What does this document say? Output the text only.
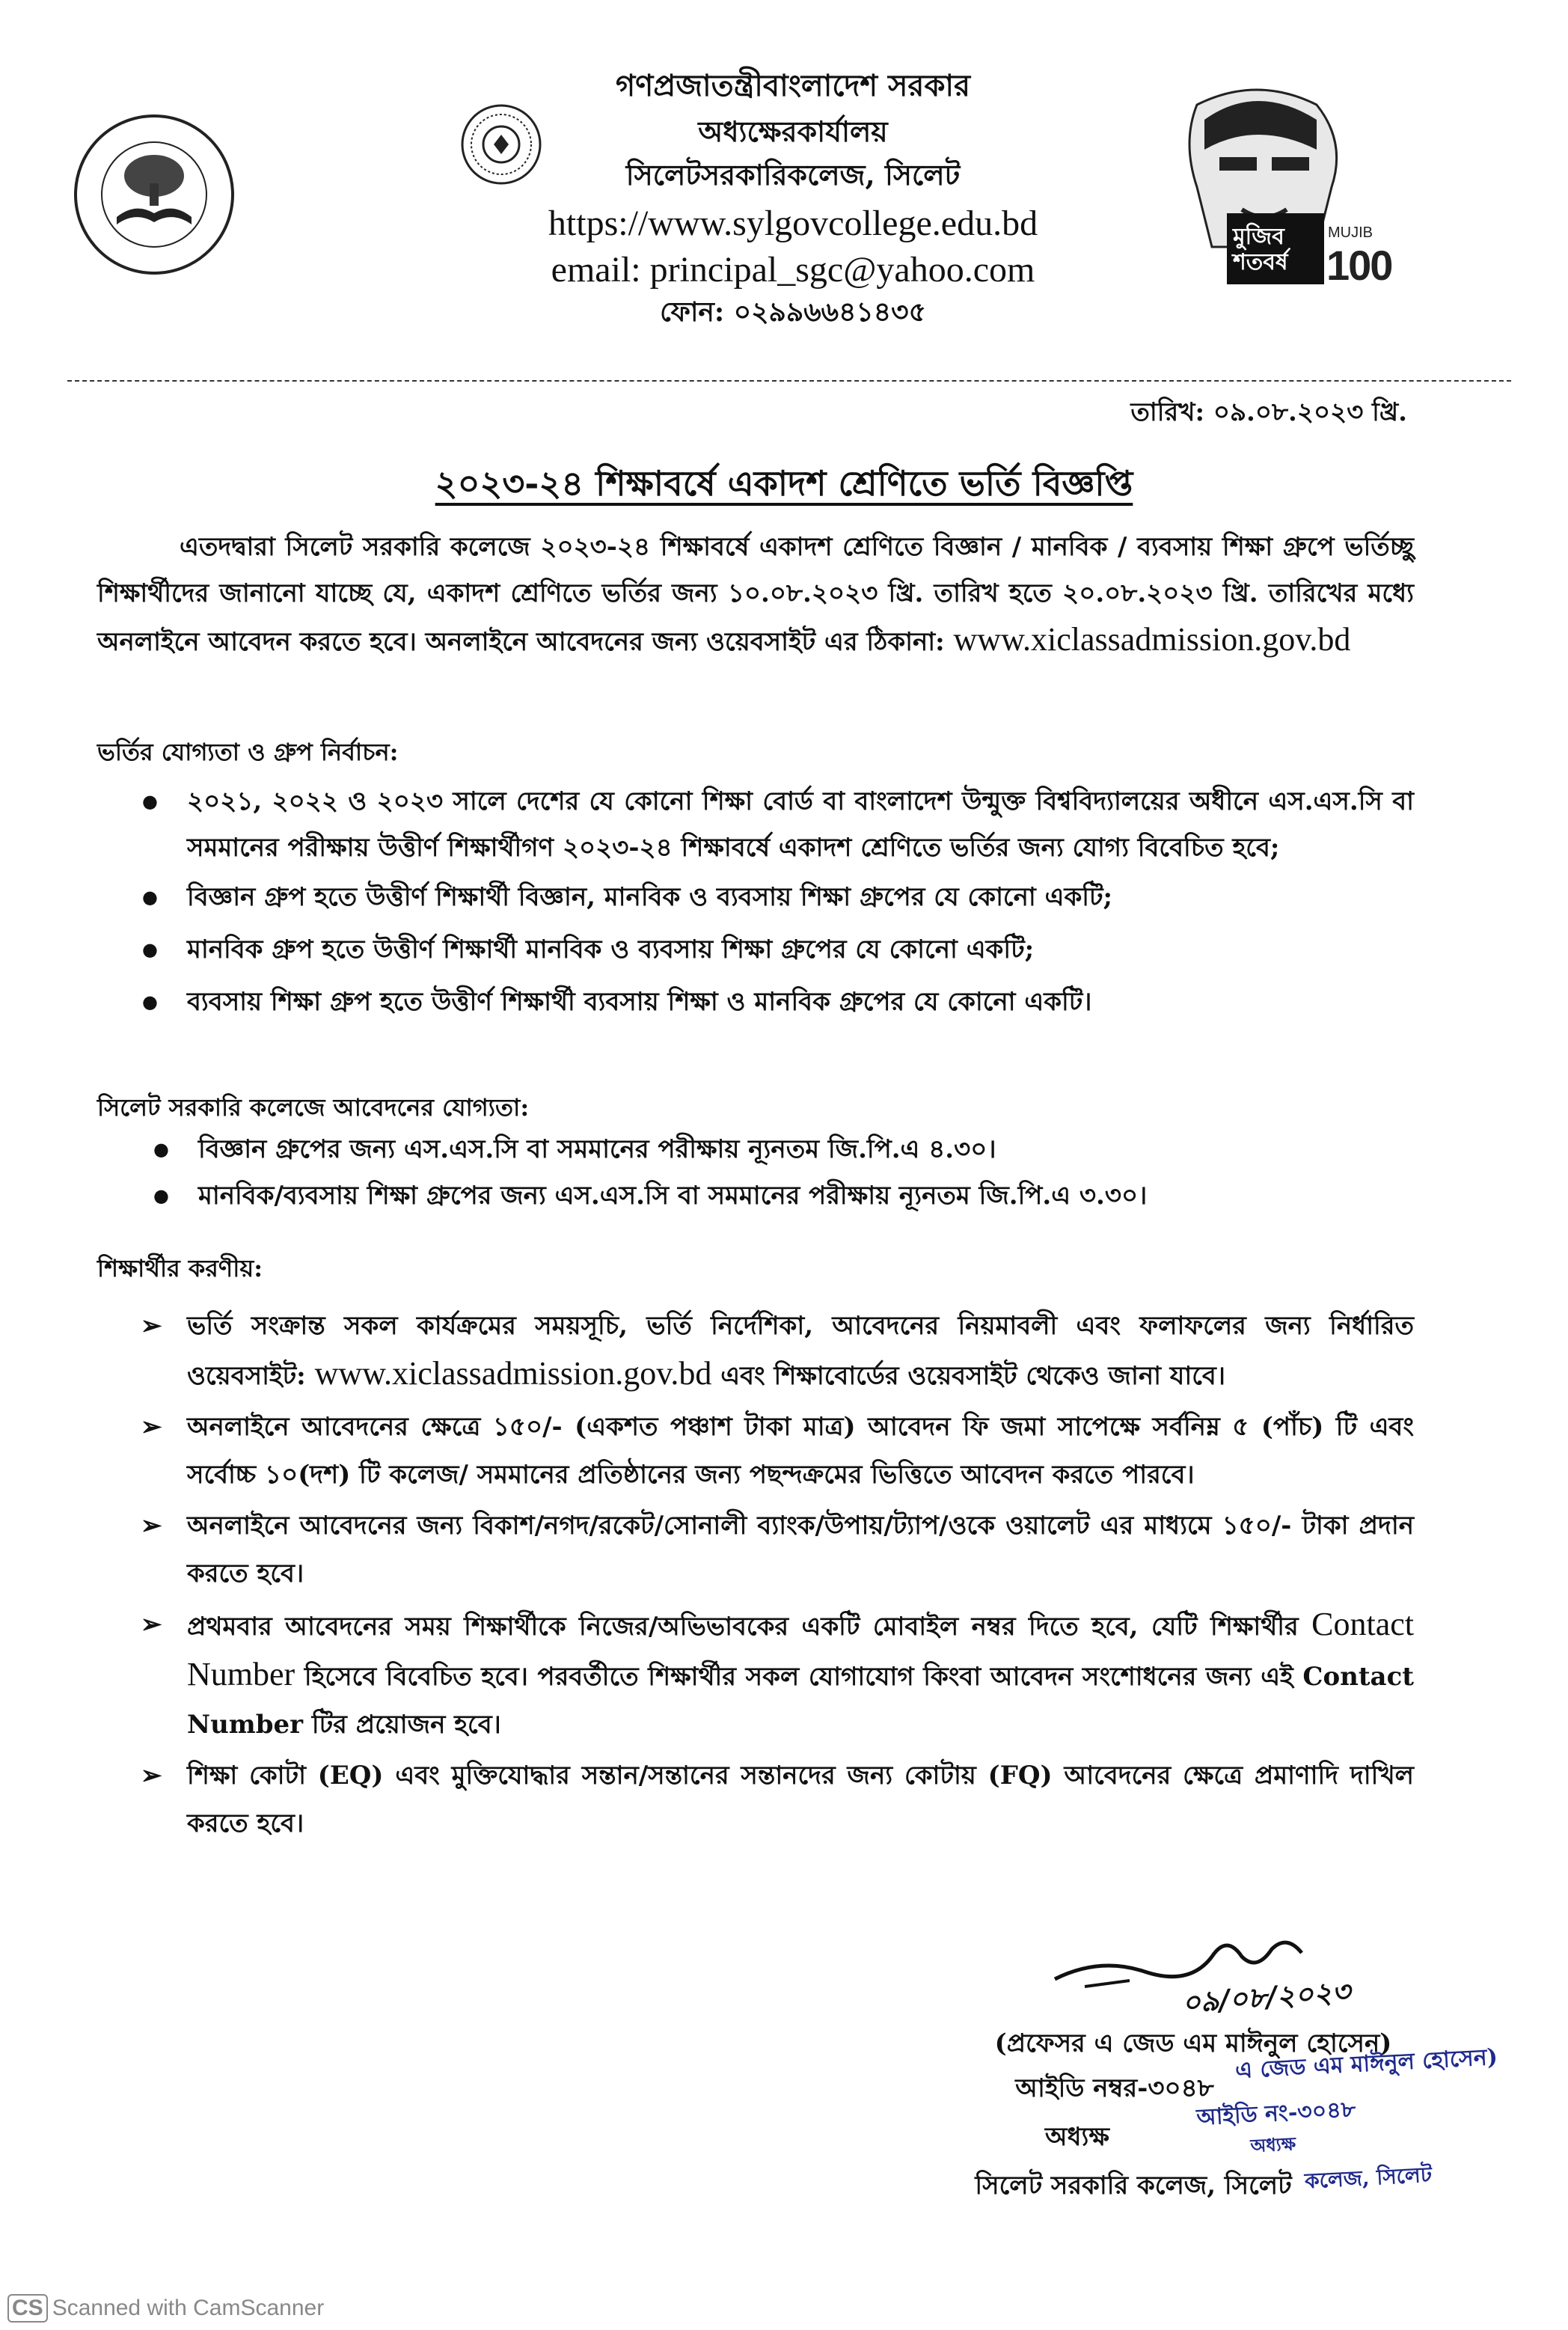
মুজিব শতবর্ষ
MUJIB
100
গণপ্রজাতন্ত্রীবাংলাদেশ সরকার
অধ্যক্ষেরকার্যালয়
সিলেটসরকারিকলেজ, সিলেট
https://www.sylgovcollege.edu.bd
email: principal_sgc@yahoo.com
ফোন: ০২৯৯৬৬৪১৪৩৫
তারিখ: ০৯.০৮.২০২৩ খ্রি.
২০২৩-২৪ শিক্ষাবর্ষে একাদশ শ্রেণিতে ভর্তি বিজ্ঞপ্তি
এতদদ্বারা সিলেট সরকারি কলেজে ২০২৩-২৪ শিক্ষাবর্ষে একাদশ শ্রেণিতে বিজ্ঞান / মানবিক / ব্যবসায় শিক্ষা গ্রুপে ভর্তিচ্ছু শিক্ষার্থীদের জানানো যাচ্ছে যে, একাদশ শ্রেণিতে ভর্তির জন্য ১০.০৮.২০২৩ খ্রি. তারিখ হতে ২০.০৮.২০২৩ খ্রি. তারিখের মধ্যে অনলাইনে আবেদন করতে হবে। অনলাইনে আবেদনের জন্য ওয়েবসাইট এর ঠিকানা: www.xiclassadmission.gov.bd
ভর্তির যোগ্যতা ও গ্রুপ নির্বাচন:
● ২০২১, ২০২২ ও ২০২৩ সালে দেশের যে কোনো শিক্ষা বোর্ড বা বাংলাদেশ উন্মুক্ত বিশ্ববিদ্যালয়ের অধীনে এস.এস.সি বা সমমানের পরীক্ষায় উত্তীর্ণ শিক্ষার্থীগণ ২০২৩-২৪ শিক্ষাবর্ষে একাদশ শ্রেণিতে ভর্তির জন্য যোগ্য বিবেচিত হবে;
● বিজ্ঞান গ্রুপ হতে উত্তীর্ণ শিক্ষার্থী বিজ্ঞান, মানবিক ও ব্যবসায় শিক্ষা গ্রুপের যে কোনো একটি;
● মানবিক গ্রুপ হতে উত্তীর্ণ শিক্ষার্থী মানবিক ও ব্যবসায় শিক্ষা গ্রুপের যে কোনো একটি;
● ব্যবসায় শিক্ষা গ্রুপ হতে উত্তীর্ণ শিক্ষার্থী ব্যবসায় শিক্ষা ও মানবিক গ্রুপের যে কোনো একটি।
সিলেট সরকারি কলেজে আবেদনের যোগ্যতা:
● বিজ্ঞান গ্রুপের জন্য এস.এস.সি বা সমমানের পরীক্ষায় ন্যূনতম জি.পি.এ ৪.৩০।
● মানবিক/ব্যবসায় শিক্ষা গ্রুপের জন্য এস.এস.সি বা সমমানের পরীক্ষায় ন্যূনতম জি.পি.এ ৩.৩০।
শিক্ষার্থীর করণীয়:
➢ ভর্তি সংক্রান্ত সকল কার্যক্রমের সময়সূচি, ভর্তি নির্দেশিকা, আবেদনের নিয়মাবলী এবং ফলাফলের জন্য নির্ধারিত ওয়েবসাইট: www.xiclassadmission.gov.bd এবং শিক্ষাবোর্ডের ওয়েবসাইট থেকেও জানা যাবে।
➢ অনলাইনে আবেদনের ক্ষেত্রে ১৫০/- (একশত পঞ্চাশ টাকা মাত্র) আবেদন ফি জমা সাপেক্ষে সর্বনিম্ন ৫ (পাঁচ) টি এবং সর্বোচ্চ ১০(দশ) টি কলেজ/ সমমানের প্রতিষ্ঠানের জন্য পছন্দক্রমের ভিত্তিতে আবেদন করতে পারবে।
➢ অনলাইনে আবেদনের জন্য বিকাশ/নগদ/রকেট/সোনালী ব্যাংক/উপায়/ট্যাপ/ওকে ওয়ালেট এর মাধ্যমে ১৫০/- টাকা প্রদান করতে হবে।
➢ প্রথমবার আবেদনের সময় শিক্ষার্থীকে নিজের/অভিভাবকের একটি মোবাইল নম্বর দিতে হবে, যেটি শিক্ষার্থীর Contact Number হিসেবে বিবেচিত হবে। পরবর্তীতে শিক্ষার্থীর সকল যোগাযোগ কিংবা আবেদন সংশোধনের জন্য এই Contact Number টির প্রয়োজন হবে।
➢ শিক্ষা কোটা (EQ) এবং মুক্তিযোদ্ধার সন্তান/সন্তানের সন্তানদের জন্য কোটায় (FQ) আবেদনের ক্ষেত্রে প্রমাণাদি দাখিল করতে হবে।
০৯/০৮/২০২৩
(প্রফেসর এ জেড এম মাঈনুল হোসেন)
আইডি নম্বর-৩০৪৮
অধ্যক্ষ
সিলেট সরকারি কলেজ, সিলেট
এ জেড এম মাঈনুল হোসেন)
আইডি নং-৩০৪৮
অধ্যক্ষ
কলেজ, সিলেট
CS Scanned with CamScanner
